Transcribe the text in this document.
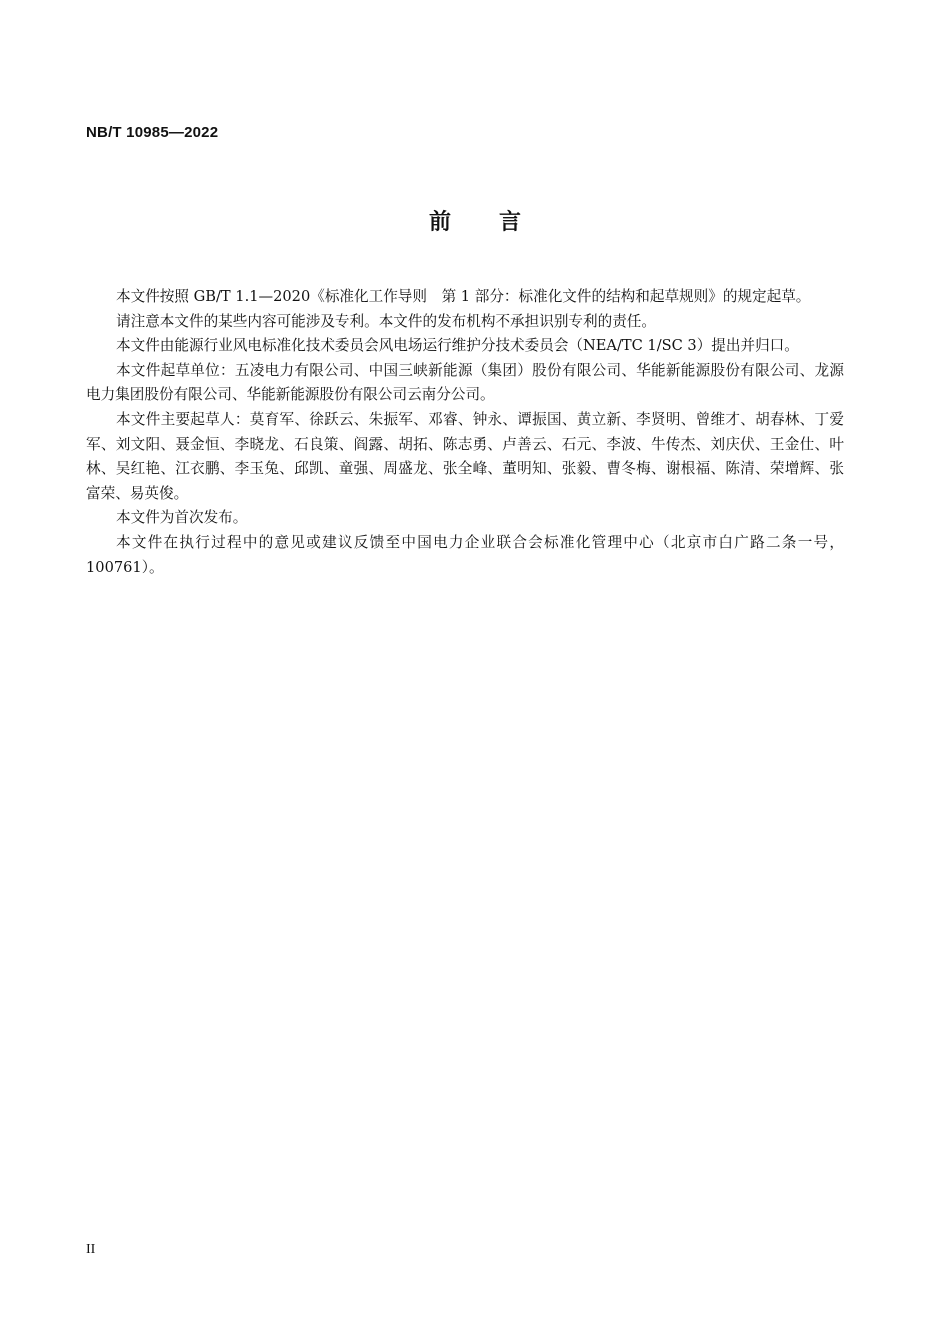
NB/T 10985—2022
前言

本文件按照 GB/T 1.1—2020《标准化工作导则　第 1 部分：标准化文件的结构和起草规则》的规定起草。

请注意本文件的某些内容可能涉及专利。本文件的发布机构不承担识别专利的责任。

本文件由能源行业风电标准化技术委员会风电场运行维护分技术委员会（NEA/TC 1/SC 3）提出并归口。

本文件起草单位：五凌电力有限公司、中国三峡新能源（集团）股份有限公司、华能新能源股份有限公司、龙源电力集团股份有限公司、华能新能源股份有限公司云南分公司。

本文件主要起草人：莫育军、徐跃云、朱振军、邓睿、钟永、谭振国、黄立新、李贤明、曾维才、胡春林、丁爱军、刘文阳、聂金恒、李晓龙、石良策、阎露、胡拓、陈志勇、卢善云、石元、李波、牛传杰、刘庆伏、王金仕、叶林、吴红艳、江衣鹏、李玉兔、邱凯、童强、周盛龙、张全峰、董明知、张毅、曹冬梅、谢根福、陈清、荣增辉、张富荣、易英俊。

本文件为首次发布。

本文件在执行过程中的意见或建议反馈至中国电力企业联合会标准化管理中心（北京市白广路二条一号，100761）。

II
